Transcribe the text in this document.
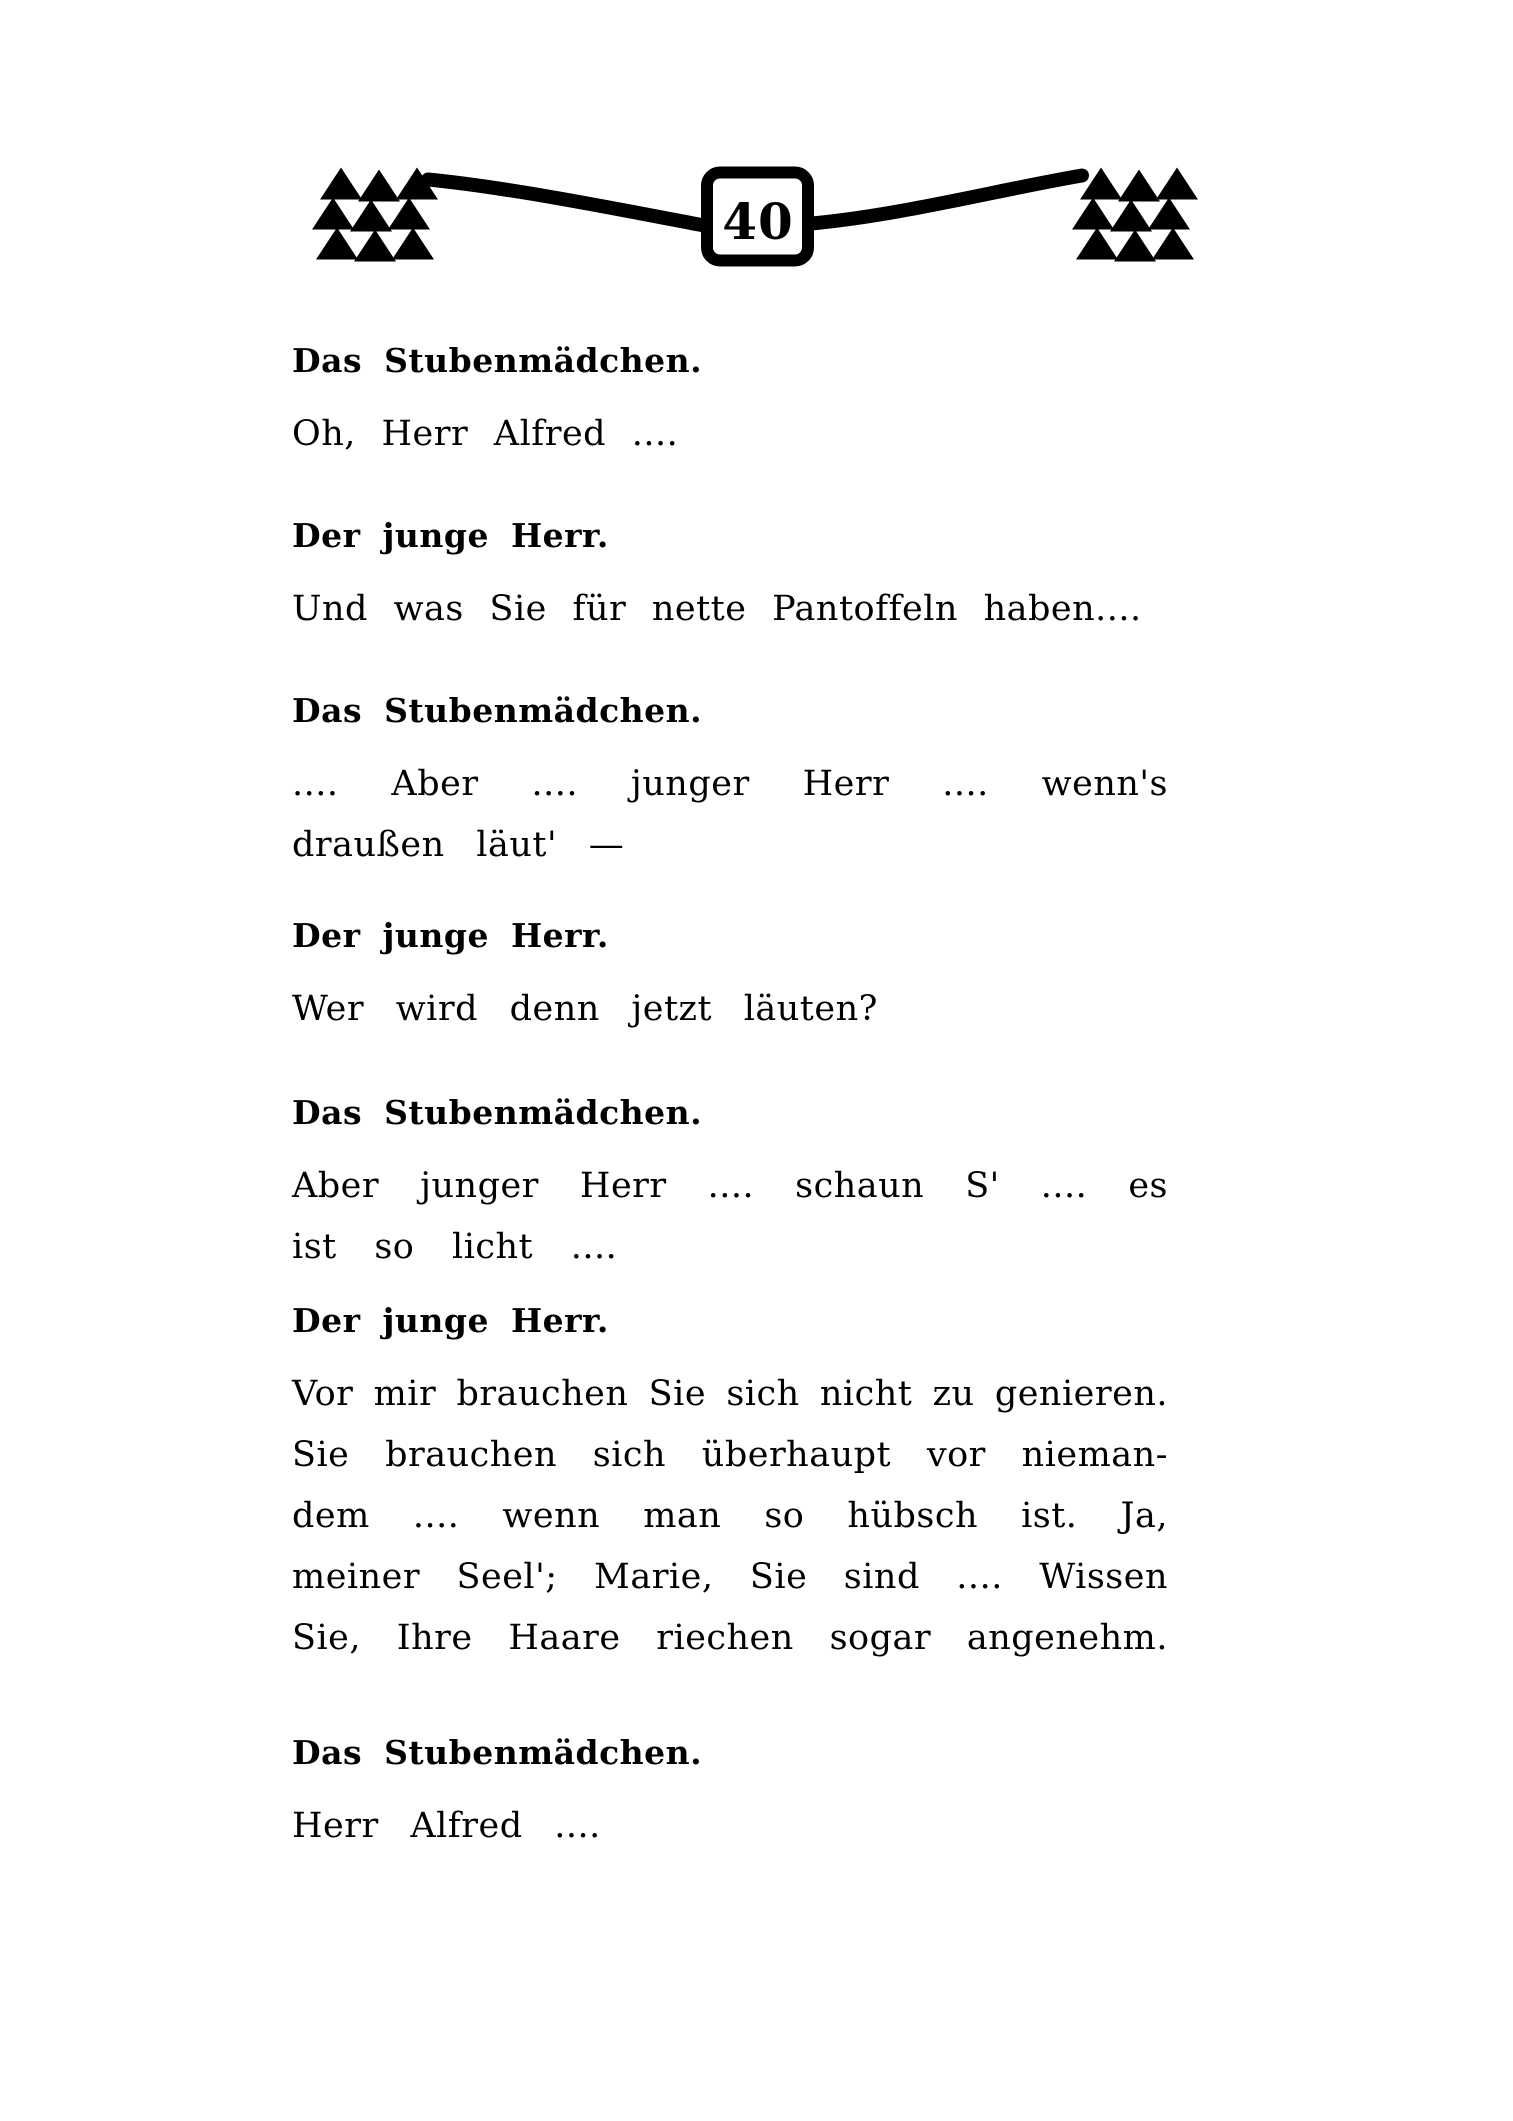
40
Das Stubenmädchen.

Oh, Herr Alfred ....

Der junge Herr.

Und was Sie für nette Pantoffeln haben....

Das Stubenmädchen.

.... Aber .... junger Herr .... wenn's

draußen läut' —

Der junge Herr.

Wer wird denn jetzt läuten?

Das Stubenmädchen.

Aber junger Herr .... schaun S' .... es

ist so licht ....

Der junge Herr.

Vor mir brauchen Sie sich nicht zu genieren.

Sie brauchen sich überhaupt vor nieman-

dem .... wenn man so hübsch ist. Ja,

meiner Seel'; Marie, Sie sind .... Wissen

Sie, Ihre Haare riechen sogar angenehm.

Das Stubenmädchen.

Herr Alfred ....
